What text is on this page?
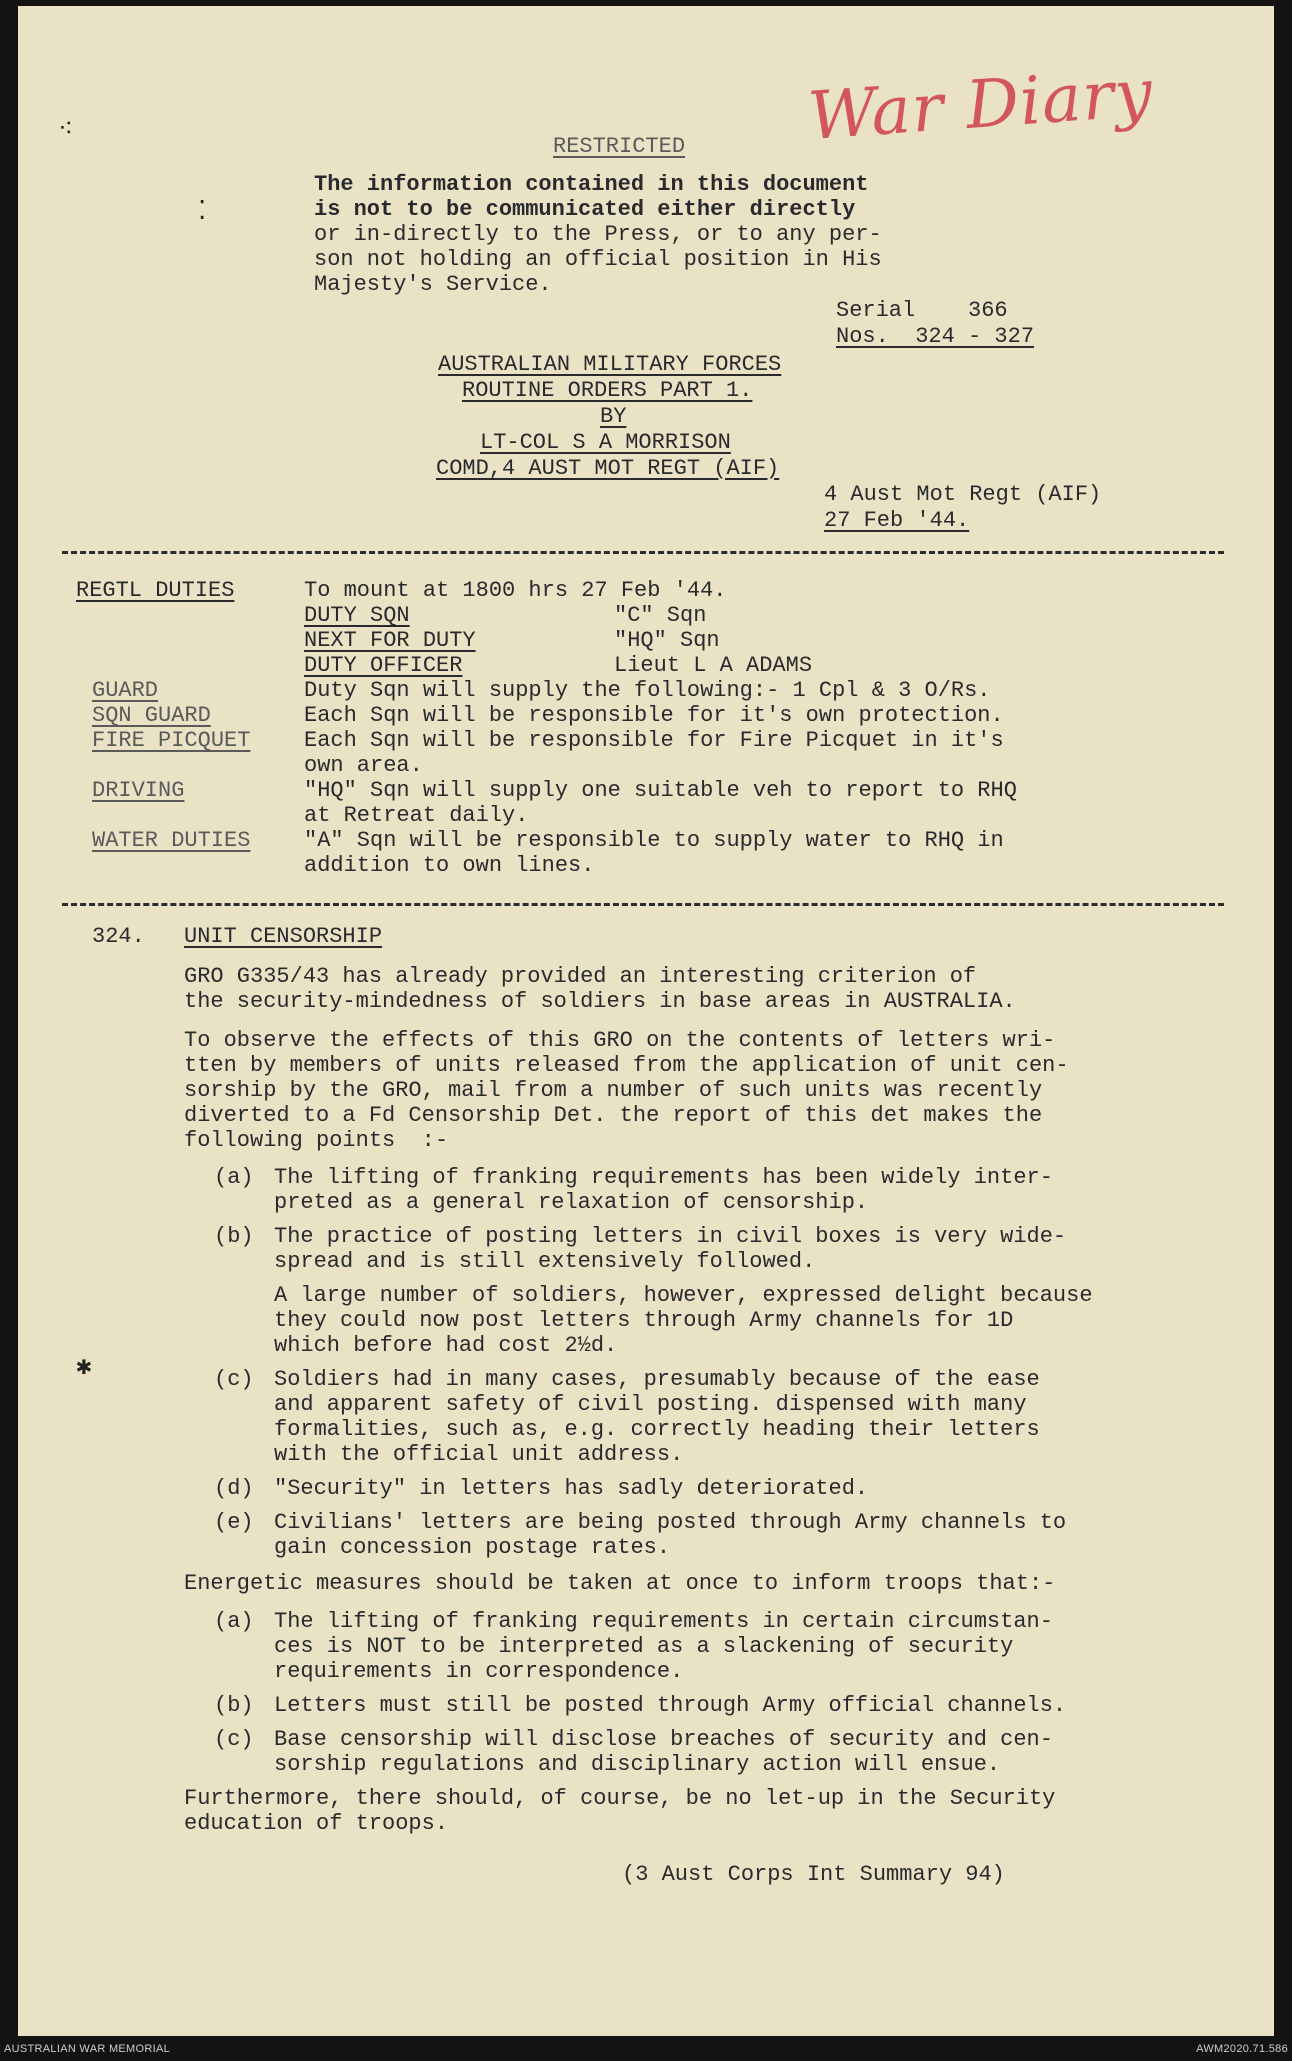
War Diary
⁖
⁚
✱
RESTRICTED
The information contained in this document
is not to be communicated either directly
or in-directly to the Press, or to any per-
son not holding an official position in His
Majesty's Service.
Serial    366
Nos.  324 - 327
AUSTRALIAN MILITARY FORCES
ROUTINE ORDERS PART 1.
BY
LT-COL S A MORRISON
COMD,4 AUST MOT REGT (AIF)
4 Aust Mot Regt (AIF)
27 Feb '44.
REGTL DUTIES	To mount at 1800 hrs 27 Feb '44.
DUTY SQN	"C" Sqn
NEXT FOR DUTY	"HQ" Sqn
DUTY OFFICER	Lieut L A ADAMS
GUARD	Duty Sqn will supply the following:- 1 Cpl & 3 O/Rs.
SQN GUARD	Each Sqn will be responsible for it's own protection.
FIRE PICQUET Each Sqn will be responsible for Fire Picquet in it's
own area.
DRIVING	"HQ" Sqn will supply one suitable veh to report to RHQ
at Retreat daily.
WATER DUTIES "A" Sqn will be responsible to supply water to RHQ in
addition to own lines.
324. UNIT CENSORSHIP
GRO G335/43 has already provided an interesting criterion of
the security-mindedness of soldiers in base areas in AUSTRALIA.
To observe the effects of this GRO on the contents of letters wri-
tten by members of units released from the application of unit cen-
sorship by the GRO, mail from a number of such units was recently
diverted to a Fd Censorship Det. the report of this det makes the
following points  :-
(a) The lifting of franking requirements has been widely inter-
preted as a general relaxation of censorship.
(b) The practice of posting letters in civil boxes is very wide-
spread and is still extensively followed.
A large number of soldiers, however, expressed delight because
they could now post letters through Army channels for 1D
which before had cost 2½d.
(c) Soldiers had in many cases, presumably because of the ease
and apparent safety of civil posting. dispensed with many
formalities, such as, e.g. correctly heading their letters
with the official unit address.
(d) "Security" in letters has sadly deteriorated.
(e) Civilians' letters are being posted through Army channels to
gain concession postage rates.
Energetic measures should be taken at once to inform troops that:-
(a) The lifting of franking requirements in certain circumstan-
ces is NOT to be interpreted as a slackening of security
requirements in correspondence.
(b) Letters must still be posted through Army official channels.
(c) Base censorship will disclose breaches of security and cen-
sorship regulations and disciplinary action will ensue.
Furthermore, there should, of course, be no let-up in the Security
education of troops.
(3 Aust Corps Int Summary 94)
AUSTRALIAN WAR MEMORIAL	AWM2020.71.586
